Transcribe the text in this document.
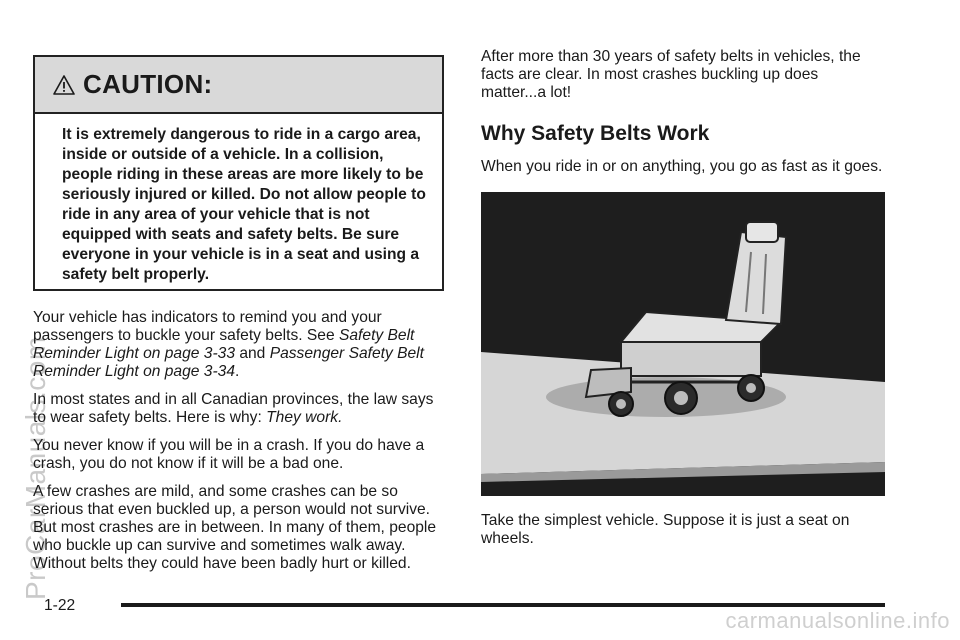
ProCarManuals.com
CAUTION:
It is extremely dangerous to ride in a cargo area, inside or outside of a vehicle. In a collision, people riding in these areas are more likely to be seriously injured or killed. Do not allow people to ride in any area of your vehicle that is not equipped with seats and safety belts. Be sure everyone in your vehicle is in a seat and using a safety belt properly.

Your vehicle has indicators to remind you and your passengers to buckle your safety belts. See Safety Belt Reminder Light on page 3-33 and Passenger Safety Belt Reminder Light on page 3-34.

In most states and in all Canadian provinces, the law says to wear safety belts. Here is why: They work.

You never know if you will be in a crash. If you do have a crash, you do not know if it will be a bad one.

A few crashes are mild, and some crashes can be so serious that even buckled up, a person would not survive. But most crashes are in between. In many of them, people who buckle up can survive and sometimes walk away. Without belts they could have been badly hurt or killed.

After more than 30 years of safety belts in vehicles, the facts are clear. In most crashes buckling up does matter...a lot!

Why Safety Belts Work

When you ride in or on anything, you go as fast as it goes.

Take the simplest vehicle. Suppose it is just a seat on wheels.

1-22
carmanualsonline.info
